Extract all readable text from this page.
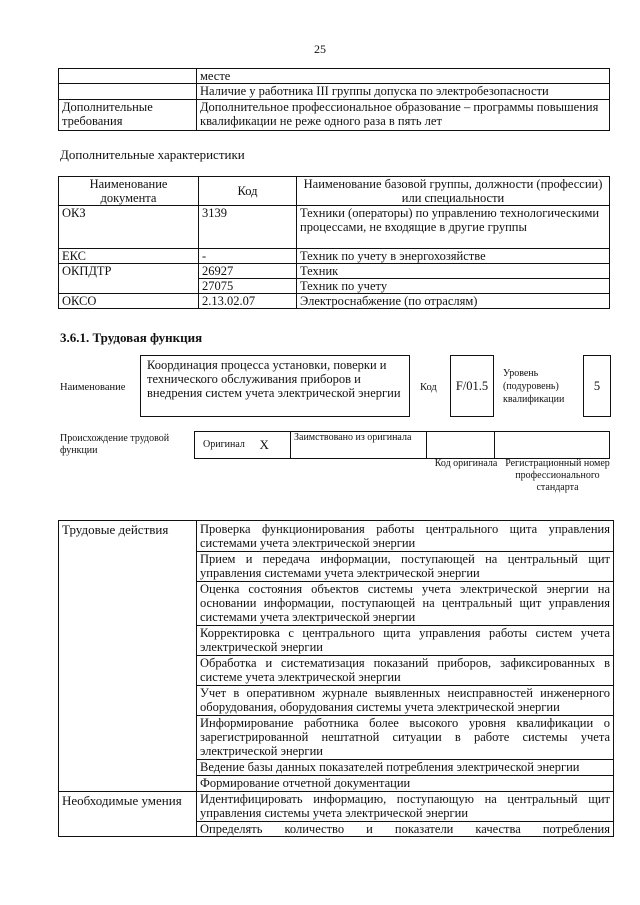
25
	месте
	Наличие у работника III группы допуска по электробезопасности
Дополнительные требования	Дополнительное профессиональное образование – программы повышения квалификации не реже одного раза в пять лет
Дополнительные характеристики
Наименование документа	Код	Наименование базовой группы, должности (профессии) или специальности
ОКЗ	3139	Техники (операторы) по управлению технологическими процессами, не входящие в другие группы
ЕКС	-	Техник по учету в энергохозяйстве
ОКПДТР	26927	Техник
	27075	Техник по учету
ОКСО	2.13.02.07	Электроснабжение (по отраслям)
3.6.1. Трудовая функция
Наименование
Координация процесса установки, поверки и технического обслуживания приборов и внедрения систем учета электрической энергии	Код F/01.5
Уровень (подуровень) квалификации
5
Происхождение трудовой функции
Оригинал	X	Заимствовано из оригинала		
Код оригинала Регистрационный номер профессионального стандарта
Трудовые действия	Проверка функционирования работы центрального щита управления системами учета электрической энергии
	Прием и передача информации, поступающей на центральный щит управления системами учета электрической энергии
	Оценка состояния объектов системы учета электрической энергии на основании информации, поступающей на центральный щит управления системами учета электрической энергии
	Корректировка с центрального щита управления работы систем учета электрической энергии
	Обработка и систематизация показаний приборов, зафиксированных в системе учета электрической энергии
	Учет в оперативном журнале выявленных неисправностей инженерного оборудования, оборудования системы учета электрической энергии
	Информирование работника более высокого уровня квалификации о зарегистрированной нештатной ситуации в работе системы учета электрической энергии
	Ведение базы данных показателей потребления электрической энергии
	Формирование отчетной документации
Необходимые умения	Идентифицировать информацию, поступающую на центральный щит управления системы учета электрической энергии
	Определять количество и показатели качества потребления
